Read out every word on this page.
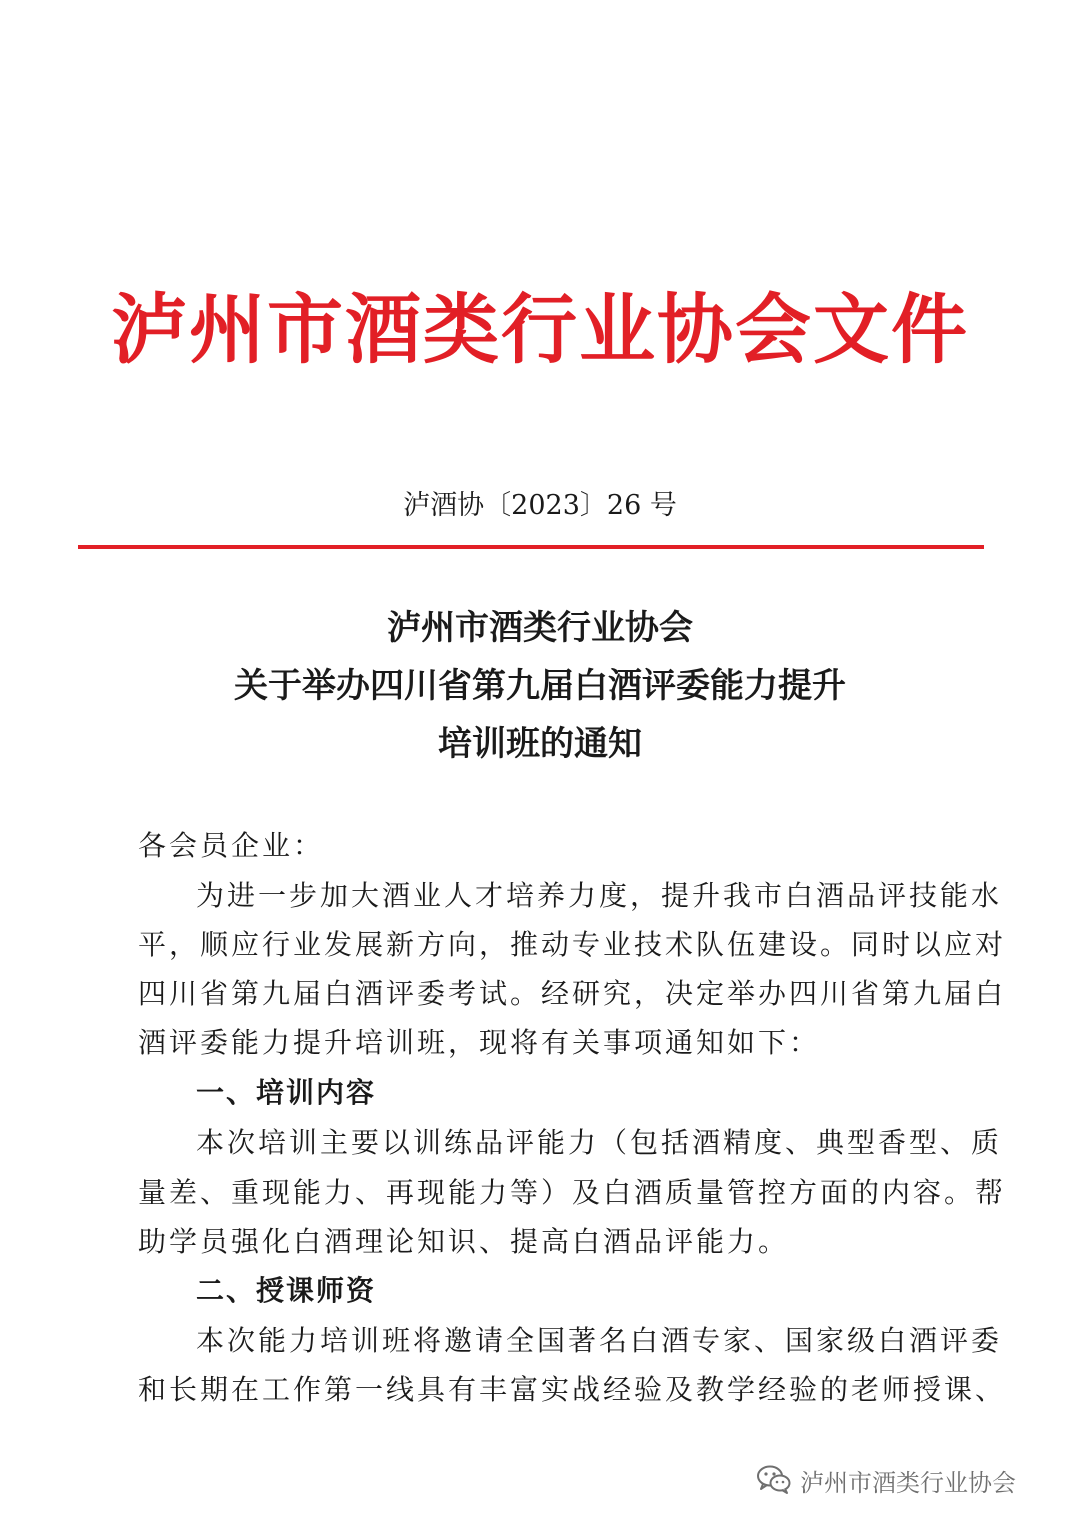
泸州市酒类行业协会文件
泸酒协〔2023〕26 号
泸州市酒类行业协会
关于举办四川省第九届白酒评委能力提升
培训班的通知
各会员企业：
为进一步加大酒业人才培养力度，提升我市白酒品评技能水
平，顺应行业发展新方向，推动专业技术队伍建设。同时以应对
四川省第九届白酒评委考试。经研究，决定举办四川省第九届白
酒评委能力提升培训班，现将有关事项通知如下：
一、培训内容
本次培训主要以训练品评能力（包括酒精度、典型香型、质
量差、重现能力、再现能力等）及白酒质量管控方面的内容。帮
助学员强化白酒理论知识、提高白酒品评能力。
二、授课师资
本次能力培训班将邀请全国著名白酒专家、国家级白酒评委
和长期在工作第一线具有丰富实战经验及教学经验的老师授课、
泸州市酒类行业协会
